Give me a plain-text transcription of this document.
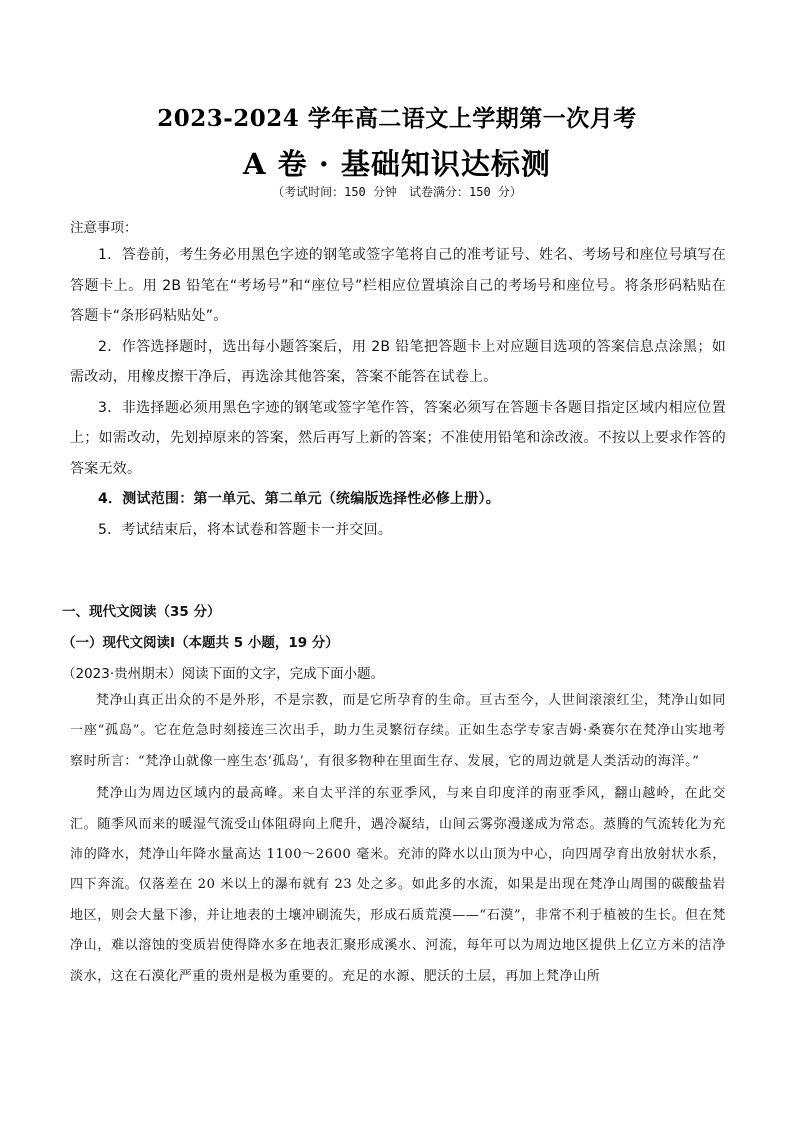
2023-2024 学年高二语文上学期第一次月考
A 卷 · 基础知识达标测
（考试时间：150 分钟　试卷满分：150 分）
注意事项：
1．答卷前，考生务必用黑色字迹的钢笔或签字笔将自己的准考证号、姓名、考场号和座位号填写在答题卡上。用 2B 铅笔在“考场号”和“座位号”栏相应位置填涂自己的考场号和座位号。将条形码粘贴在答题卡“条形码粘贴处”。
2．作答选择题时，选出每小题答案后，用 2B 铅笔把答题卡上对应题目选项的答案信息点涂黑；如需改动，用橡皮擦干净后，再选涂其他答案，答案不能答在试卷上。
3．非选择题必须用黑色字迹的钢笔或签字笔作答，答案必须写在答题卡各题目指定区域内相应位置上；如需改动，先划掉原来的答案，然后再写上新的答案；不准使用铅笔和涂改液。不按以上要求作答的答案无效。
4．测试范围：第一单元、第二单元（统编版选择性必修上册）。
5．考试结束后，将本试卷和答题卡一并交回。
一、现代文阅读（35 分）
（一）现代文阅读Ⅰ（本题共 5 小题，19 分）
（2023·贵州期末）阅读下面的文字，完成下面小题。
梵净山真正出众的不是外形，不是宗教，而是它所孕育的生命。亘古至今，人世间滚滚红尘，梵净山如同一座“孤岛”。它在危急时刻接连三次出手，助力生灵繁衍存续。正如生态学专家吉姆·桑赛尔在梵净山实地考察时所言：“梵净山就像一座生态‘孤岛’，有很多物种在里面生存、发展，它的周边就是人类活动的海洋。”
梵净山为周边区域内的最高峰。来自太平洋的东亚季风，与来自印度洋的南亚季风，翻山越岭，在此交汇。随季风而来的暖湿气流受山体阻碍向上爬升，遇冷凝结，山间云雾弥漫遂成为常态。蒸腾的气流转化为充沛的降水，梵净山年降水量高达 1100～2600 毫米。充沛的降水以山顶为中心，向四周孕育出放射状水系，四下奔流。仅落差在 20 米以上的瀑布就有 23 处之多。如此多的水流，如果是出现在梵净山周围的碳酸盐岩地区，则会大量下渗，并让地表的土壤冲刷流失，形成石质荒漠——“石漠”，非常不利于植被的生长。但在梵净山，难以溶蚀的变质岩使得降水多在地表汇聚形成溪水、河流，每年可以为周边地区提供上亿立方米的洁净淡水，这在石漠化严重的贵州是极为重要的。充足的水源、肥沃的土层，再加上梵净山所
